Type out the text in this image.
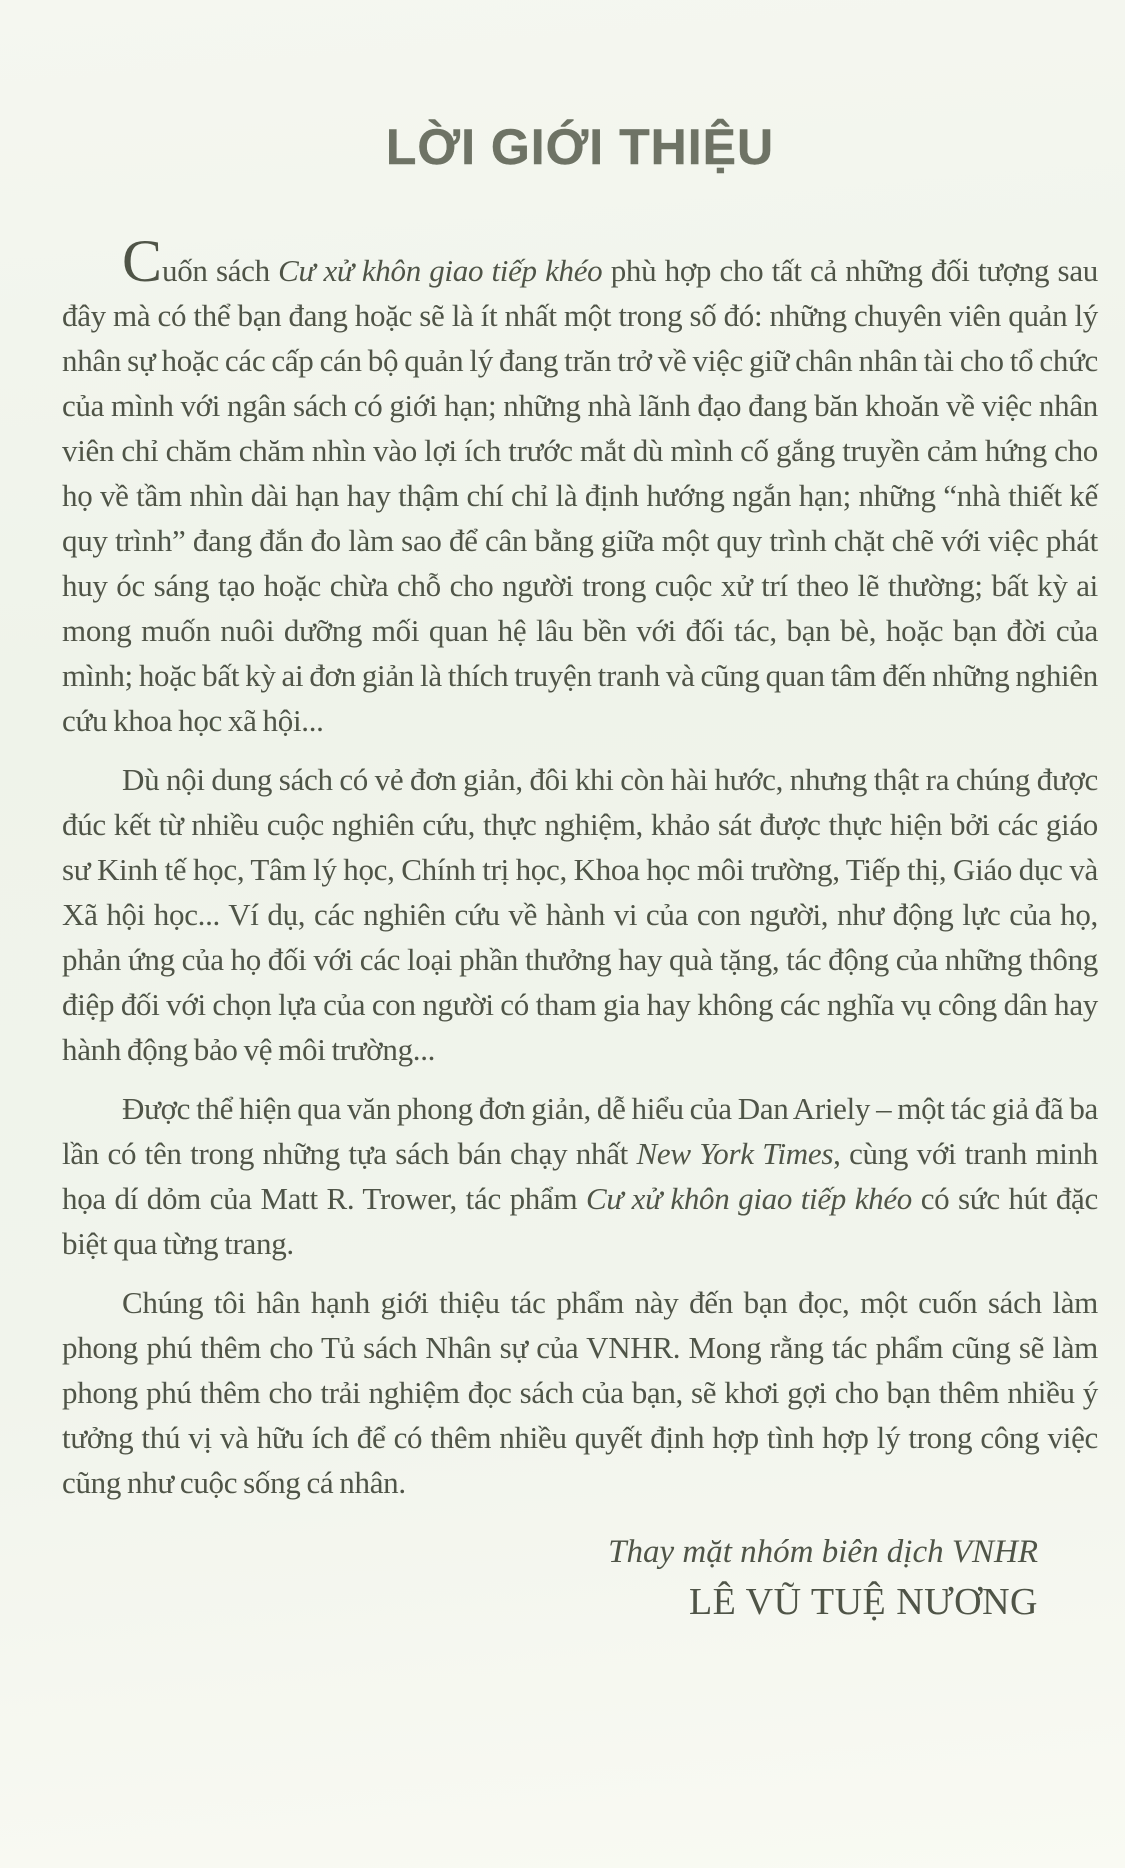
LỜI GIỚI THIỆU

Cuốn sách Cư xử khôn giao tiếp khéo phù hợp cho tất cả những đối tượng sau đây mà có thể bạn đang hoặc sẽ là ít nhất một trong số đó: những chuyên viên quản lý nhân sự hoặc các cấp cán bộ quản lý đang trăn trở về việc giữ chân nhân tài cho tổ chức của mình với ngân sách có giới hạn; những nhà lãnh đạo đang băn khoăn về việc nhân viên chỉ chăm chăm nhìn vào lợi ích trước mắt dù mình cố gắng truyền cảm hứng cho họ về tầm nhìn dài hạn hay thậm chí chỉ là định hướng ngắn hạn; những “nhà thiết kế quy trình” đang đắn đo làm sao để cân bằng giữa một quy trình chặt chẽ với việc phát huy óc sáng tạo hoặc chừa chỗ cho người trong cuộc xử trí theo lẽ thường; bất kỳ ai mong muốn nuôi dưỡng mối quan hệ lâu bền với đối tác, bạn bè, hoặc bạn đời của mình; hoặc bất kỳ ai đơn giản là thích truyện tranh và cũng quan tâm đến những nghiên cứu khoa học xã hội...

Dù nội dung sách có vẻ đơn giản, đôi khi còn hài hước, nhưng thật ra chúng được đúc kết từ nhiều cuộc nghiên cứu, thực nghiệm, khảo sát được thực hiện bởi các giáo sư Kinh tế học, Tâm lý học, Chính trị học, Khoa học môi trường, Tiếp thị, Giáo dục và Xã hội học... Ví dụ, các nghiên cứu về hành vi của con người, như động lực của họ, phản ứng của họ đối với các loại phần thưởng hay quà tặng, tác động của những thông điệp đối với chọn lựa của con người có tham gia hay không các nghĩa vụ công dân hay hành động bảo vệ môi trường...

Được thể hiện qua văn phong đơn giản, dễ hiểu của Dan Ariely – một tác giả đã ba lần có tên trong những tựa sách bán chạy nhất New York Times, cùng với tranh minh họa dí dỏm của Matt R. Trower, tác phẩm Cư xử khôn giao tiếp khéo có sức hút đặc biệt qua từng trang.

Chúng tôi hân hạnh giới thiệu tác phẩm này đến bạn đọc, một cuốn sách làm phong phú thêm cho Tủ sách Nhân sự của VNHR. Mong rằng tác phẩm cũng sẽ làm phong phú thêm cho trải nghiệm đọc sách của bạn, sẽ khơi gợi cho bạn thêm nhiều ý tưởng thú vị và hữu ích để có thêm nhiều quyết định hợp tình hợp lý trong công việc cũng như cuộc sống cá nhân.

Thay mặt nhóm biên dịch VNHR
LÊ VŨ TUỆ NƯƠNG
